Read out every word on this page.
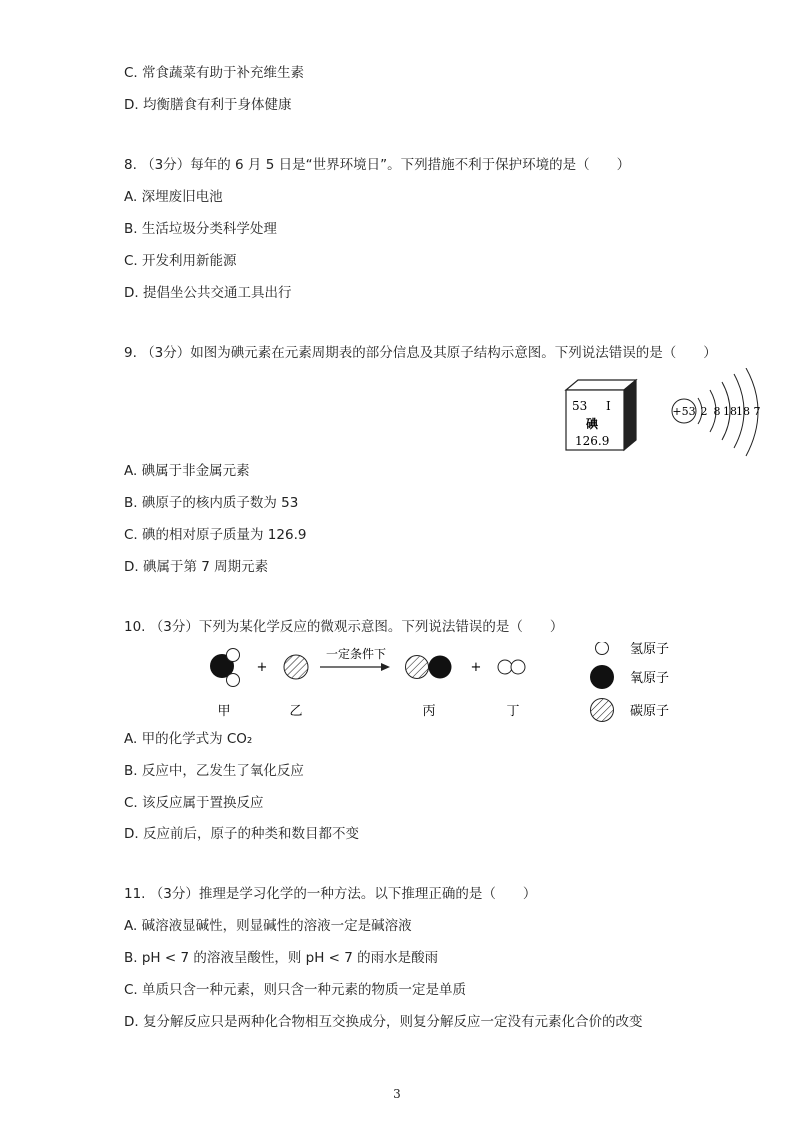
C. 常食蔬菜有助于补充维生素
D. 均衡膳食有利于身体健康
8. （3分）每年的 6 月 5 日是“世界环境日”。下列措施不利于保护环境的是（　　）
A. 深埋废旧电池
B. 生活垃圾分类科学处理
C. 开发利用新能源
D. 提倡坐公共交通工具出行
9. （3分）如图为碘元素在元素周期表的部分信息及其原子结构示意图。下列说法错误的是（　　）
53 I
碘
126.9
+53 2 8 18 18 7
A. 碘属于非金属元素
B. 碘原子的核内质子数为 53
C. 碘的相对原子质量为 126.9
D. 碘属于第 7 周期元素
10. （3分）下列为某化学反应的微观示意图。下列说法错误的是（　　）
+
一定条件下
+
甲	乙	丙	丁
氢原子
氧原子
碳原子
A. 甲的化学式为 CO₂
B. 反应中，乙发生了氧化反应
C. 该反应属于置换反应
D. 反应前后，原子的种类和数目都不变
11. （3分）推理是学习化学的一种方法。以下推理正确的是（　　）
A. 碱溶液显碱性，则显碱性的溶液一定是碱溶液
B. pH < 7 的溶液呈酸性，则 pH < 7 的雨水是酸雨
C. 单质只含一种元素，则只含一种元素的物质一定是单质
D. 复分解反应只是两种化合物相互交换成分，则复分解反应一定没有元素化合价的改变
3
